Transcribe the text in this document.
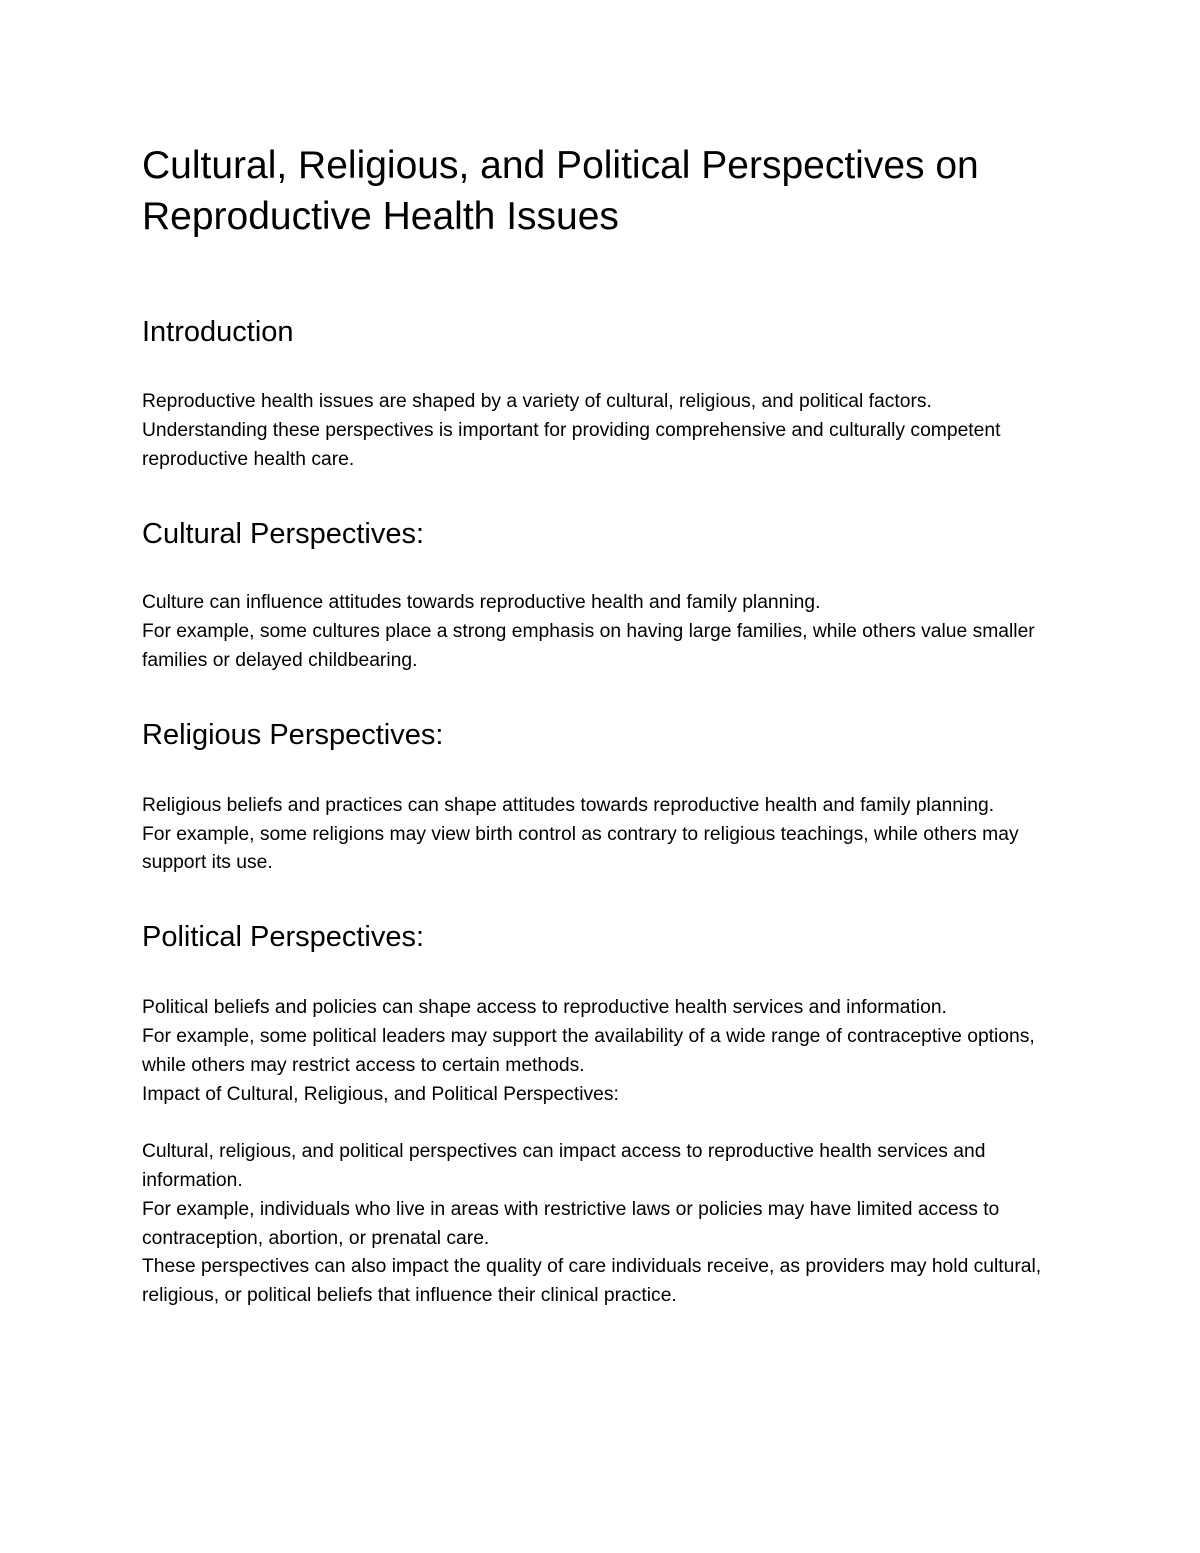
Cultural, Religious, and Political Perspectives on Reproductive Health Issues
Introduction

Reproductive health issues are shaped by a variety of cultural, religious, and political factors.

Understanding these perspectives is important for providing comprehensive and culturally competent reproductive health care.

Cultural Perspectives:

Culture can influence attitudes towards reproductive health and family planning.

For example, some cultures place a strong emphasis on having large families, while others value smaller families or delayed childbearing.

Religious Perspectives:

Religious beliefs and practices can shape attitudes towards reproductive health and family planning.

For example, some religions may view birth control as contrary to religious teachings, while others may support its use.

Political Perspectives:

Political beliefs and policies can shape access to reproductive health services and information.

For example, some political leaders may support the availability of a wide range of contraceptive options, while others may restrict access to certain methods.

Impact of Cultural, Religious, and Political Perspectives:

Cultural, religious, and political perspectives can impact access to reproductive health services and information.

For example, individuals who live in areas with restrictive laws or policies may have limited access to contraception, abortion, or prenatal care.

These perspectives can also impact the quality of care individuals receive, as providers may hold cultural, religious, or political beliefs that influence their clinical practice.
